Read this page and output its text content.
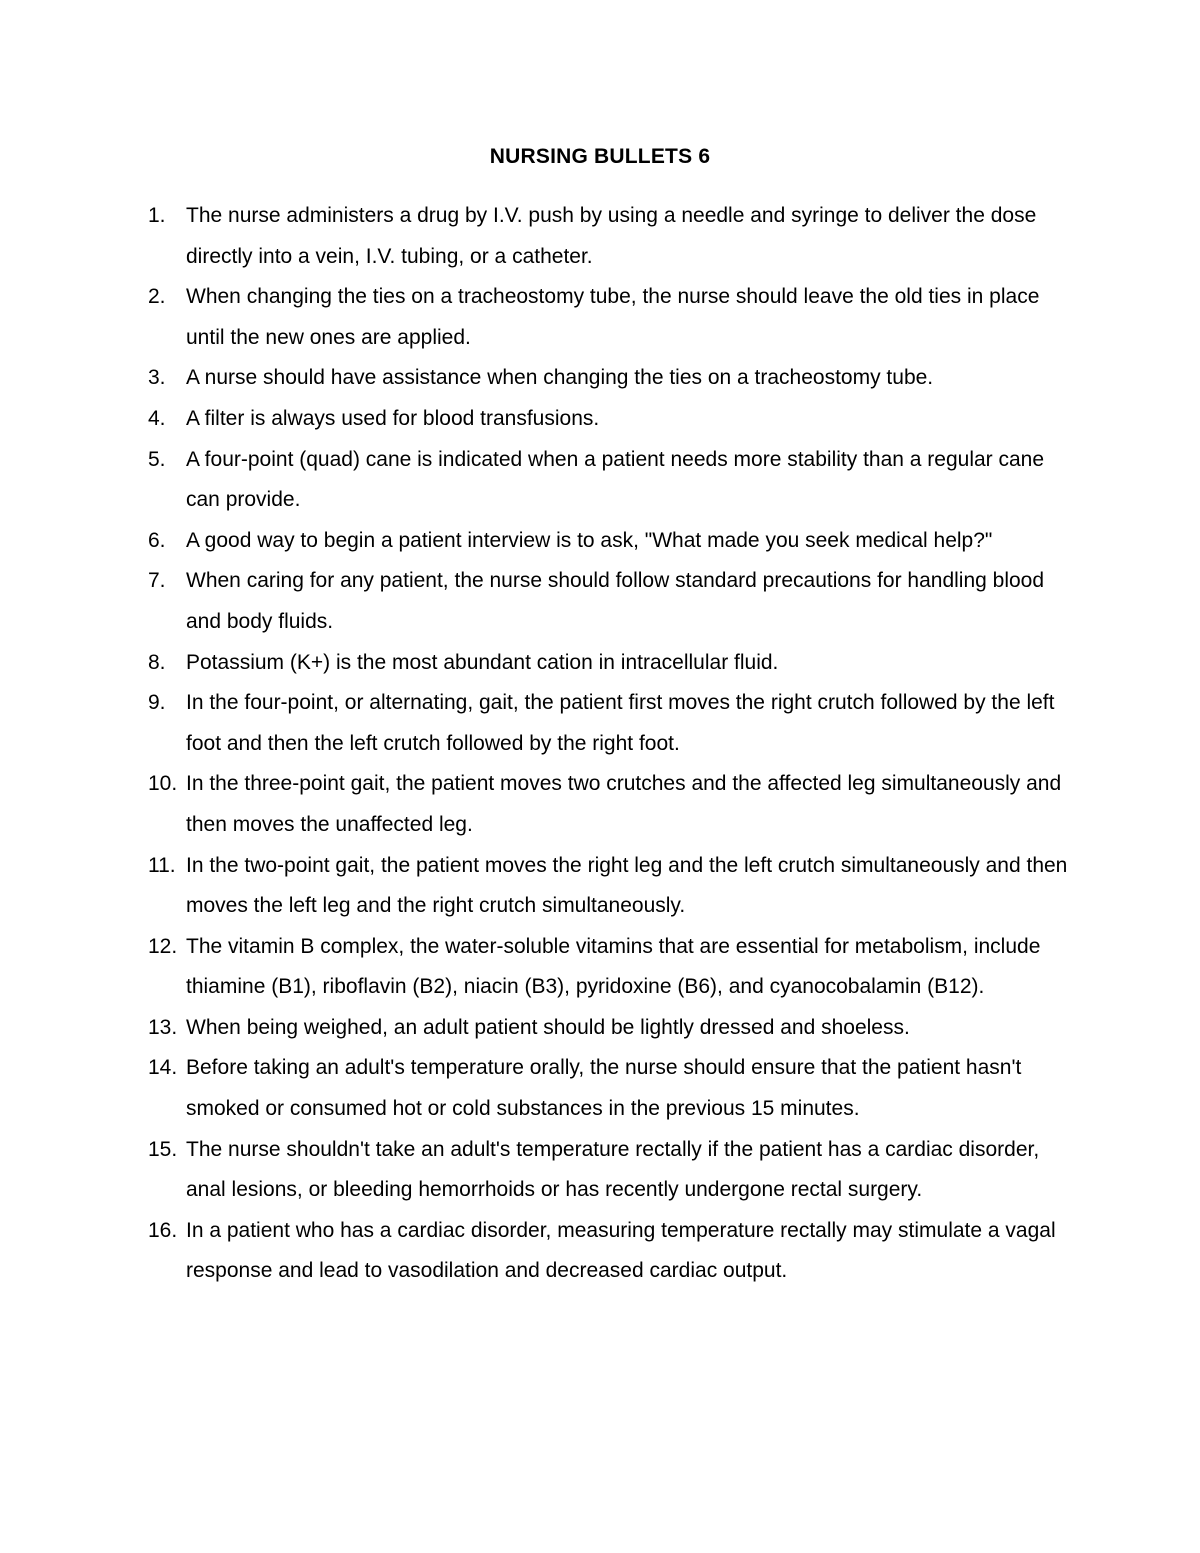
NURSING BULLETS 6
1. The nurse administers a drug by I.V. push by using a needle and syringe to deliver the dose directly into a vein, I.V. tubing, or a catheter.
2. When changing the ties on a tracheostomy tube, the nurse should leave the old ties in place until the new ones are applied.
3. A nurse should have assistance when changing the ties on a tracheostomy tube.
4. A filter is always used for blood transfusions.
5. A four-point (quad) cane is indicated when a patient needs more stability than a regular cane can provide.
6. A good way to begin a patient interview is to ask, "What made you seek medical help?"
7. When caring for any patient, the nurse should follow standard precautions for handling blood and body fluids.
8. Potassium (K+) is the most abundant cation in intracellular fluid.
9. In the four-point, or alternating, gait, the patient first moves the right crutch followed by the left foot and then the left crutch followed by the right foot.
10. In the three-point gait, the patient moves two crutches and the affected leg simultaneously and then moves the unaffected leg.
11. In the two-point gait, the patient moves the right leg and the left crutch simultaneously and then moves the left leg and the right crutch simultaneously.
12. The vitamin B complex, the water-soluble vitamins that are essential for metabolism, include thiamine (B1), riboflavin (B2), niacin (B3), pyridoxine (B6), and cyanocobalamin (B12).
13. When being weighed, an adult patient should be lightly dressed and shoeless.
14. Before taking an adult's temperature orally, the nurse should ensure that the patient hasn't smoked or consumed hot or cold substances in the previous 15 minutes.
15. The nurse shouldn't take an adult's temperature rectally if the patient has a cardiac disorder, anal lesions, or bleeding hemorrhoids or has recently undergone rectal surgery.
16. In a patient who has a cardiac disorder, measuring temperature rectally may stimulate a vagal response and lead to vasodilation and decreased cardiac output.
